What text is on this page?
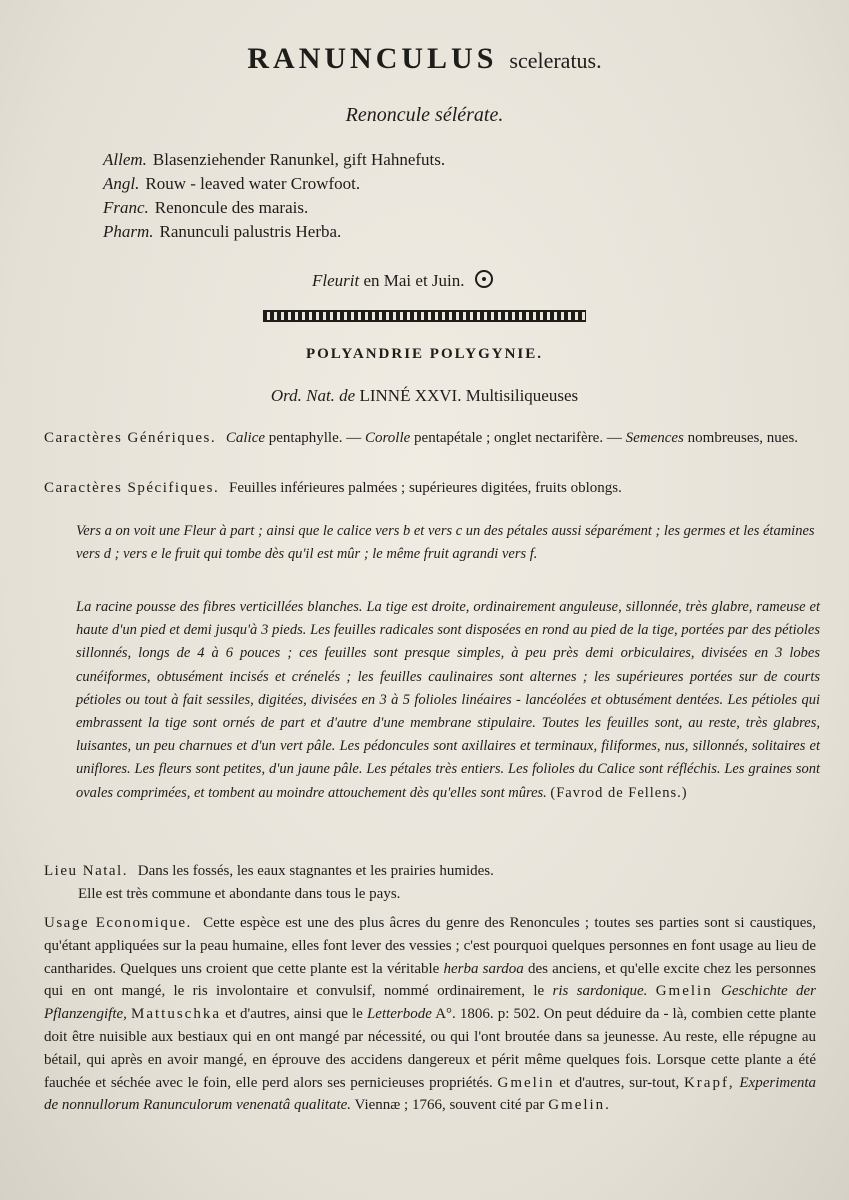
RANUNCULUS sceleratus.
Renoncule sélérate.
Allem. Blasenziehender Ranunkel, gift Hahnefuts.
Angl. Rouw - leaved water Crowfoot.
Franc. Renoncule des marais.
Pharm. Ranunculi palustris Herba.
Fleurit en Mai et Juin.
POLYANDRIE POLYGYNIE.
Ord. Nat. de LINNÉ XXVI. Multisiliqueuses
Caractères Génériques. Calice pentaphylle. — Corolle pentapétale ; onglet nectarifère. — Semences nombreuses, nues.
Caractères Spécifiques. Feuilles inférieures palmées ; supérieures digitées, fruits oblongs.
Vers a on voit une Fleur à part ; ainsi que le calice vers b et vers c un des pétales aussi séparément ; les germes et les étamines vers d ; vers e le fruit qui tombe dès qu'il est mûr ; le même fruit agrandi vers f.
La racine pousse des fibres verticillées blanches. La tige est droite, ordinairement anguleuse, sillonnée, très glabre, rameuse et haute d'un pied et demi jusqu'à 3 pieds. Les feuilles radicales sont disposées en rond au pied de la tige, portées par des pétioles sillonnés, longs de 4 à 6 pouces ; ces feuilles sont presque simples, à peu près demi orbiculaires, divisées en 3 lobes cunéiformes, obtusément incisés et crénelés ; les feuilles caulinaires sont alternes ; les supérieures portées sur de courts pétioles ou tout à fait sessiles, digitées, divisées en 3 à 5 folioles linéaires - lancéolées et obtusément dentées. Les pétioles qui embrassent la tige sont ornés de part et d'autre d'une membrane stipulaire. Toutes les feuilles sont, au reste, très glabres, luisantes, un peu charnues et d'un vert pâle. Les pédoncules sont axillaires et terminaux, filiformes, nus, sillonnés, solitaires et uniflores. Les fleurs sont petites, d'un jaune pâle. Les pétales très entiers. Les folioles du Calice sont réfléchis. Les graines sont ovales comprimées, et tombent au moindre attouchement dès qu'elles sont mûres. (Favrod de Fellens.)
Lieu Natal. Dans les fossés, les eaux stagnantes et les prairies humides.
Elle est très commune et abondante dans tous le pays.
Usage Economique. Cette espèce est une des plus âcres du genre des Renoncules ; toutes ses parties sont si caustiques, qu'étant appliquées sur la peau humaine, elles font lever des vessies ; c'est pourquoi quelques personnes en font usage au lieu de cantharides. Quelques uns croient que cette plante est la véritable herba sardoa des anciens, et qu'elle excite chez les personnes qui en ont mangé, le ris involontaire et convulsif, nommé ordinairement, le ris sardonique. Gmelin Geschichte der Pflanzengifte, Mattuschka et d'autres, ainsi que le Letterbode A°. 1806. p: 502. On peut déduire da - là, combien cette plante doit être nuisible aux bestiaux qui en ont mangé par nécessité, ou qui l'ont broutée dans sa jeunesse. Au reste, elle répugne au bétail, qui après en avoir mangé, en éprouve des accidens dangereux et périt même quelques fois. Lorsque cette plante a été fauchée et séchée avec le foin, elle perd alors ses pernicieuses propriétés. Gmelin et d'autres, sur-tout, Krapf, Experimenta de nonnullorum Ranunculorum venenatâ qualitate. Viennæ ; 1766, souvent cité par Gmelin.
